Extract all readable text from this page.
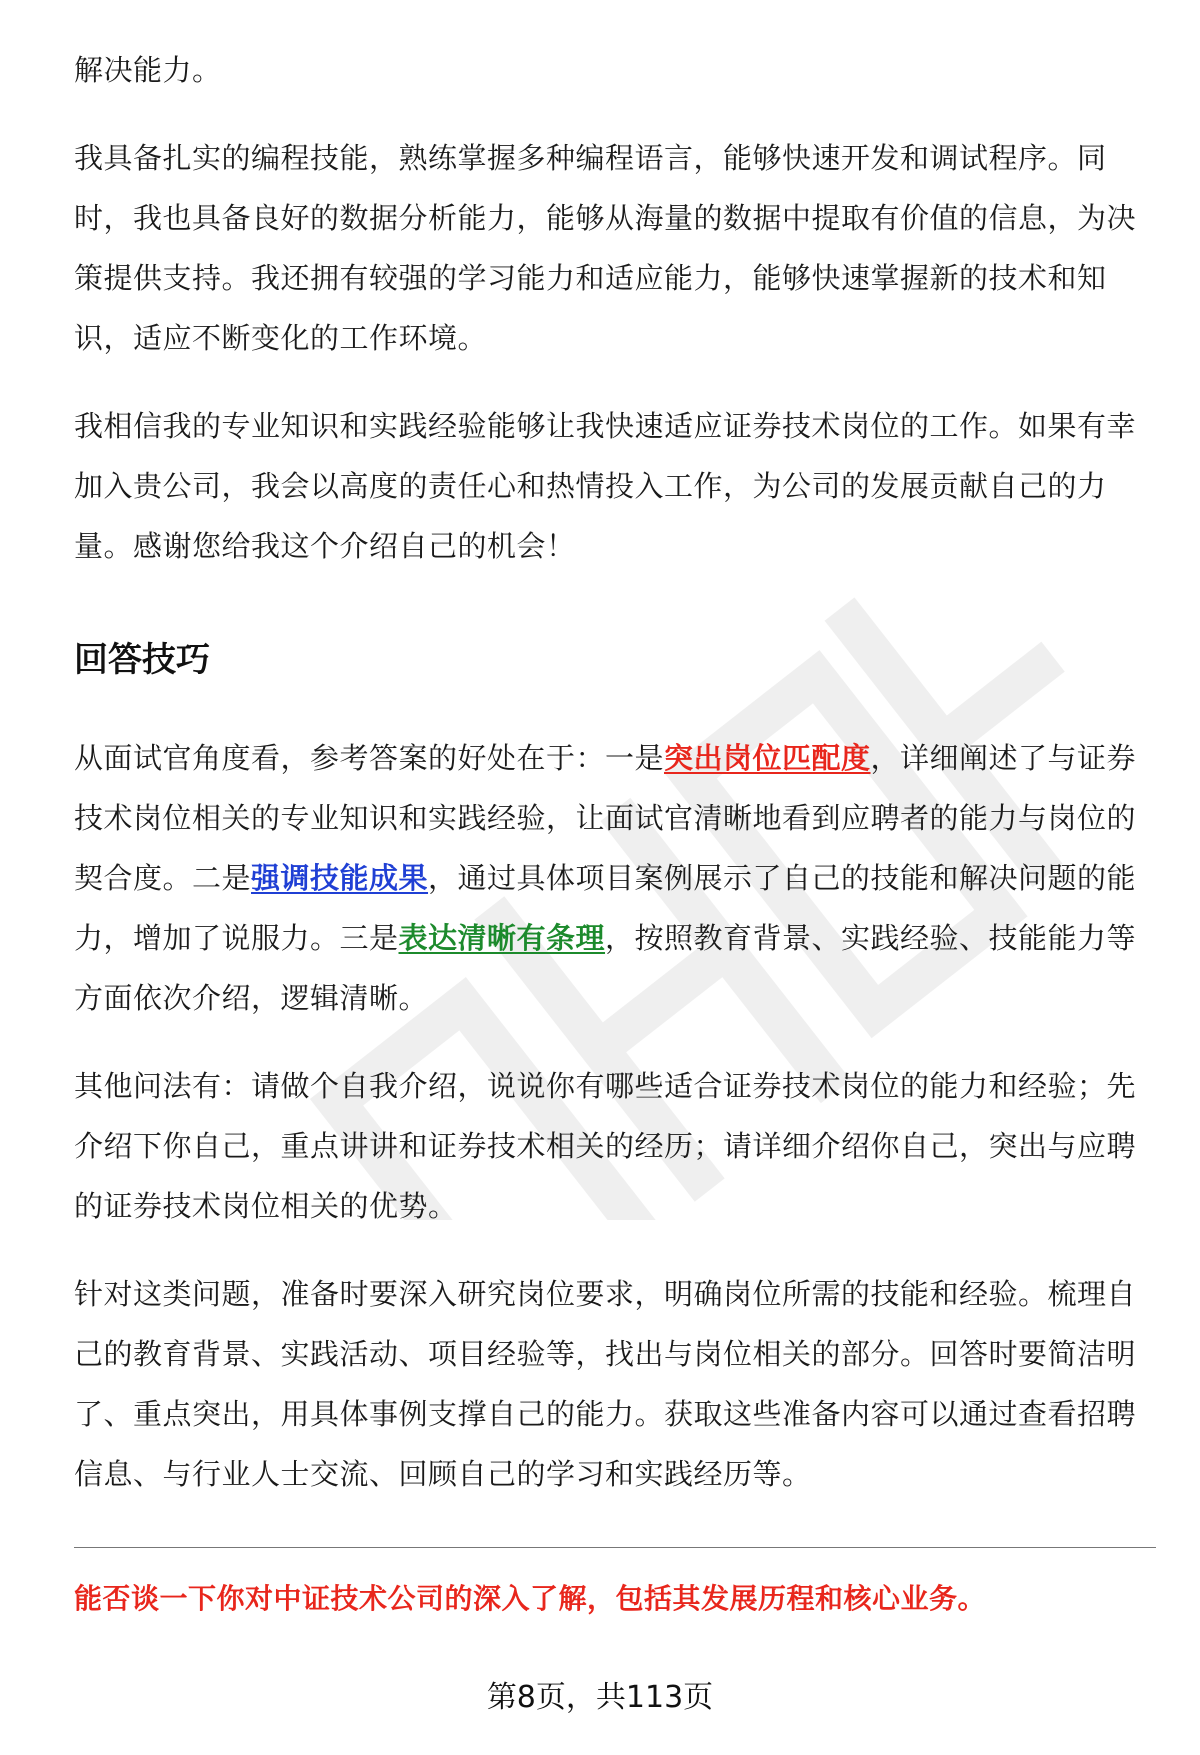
解决能力。

我具备扎实的编程技能，熟练掌握多种编程语言，能够快速开发和调试程序。同时，我也具备良好的数据分析能力，能够从海量的数据中提取有价值的信息，为决策提供支持。我还拥有较强的学习能力和适应能力，能够快速掌握新的技术和知识，适应不断变化的工作环境。

我相信我的专业知识和实践经验能够让我快速适应证券技术岗位的工作。如果有幸加入贵公司，我会以高度的责任心和热情投入工作，为公司的发展贡献自己的力量。感谢您给我这个介绍自己的机会！

回答技巧

从面试官角度看，参考答案的好处在于：一是突出岗位匹配度，详细阐述了与证券技术岗位相关的专业知识和实践经验，让面试官清晰地看到应聘者的能力与岗位的契合度。二是强调技能成果，通过具体项目案例展示了自己的技能和解决问题的能力，增加了说服力。三是表达清晰有条理，按照教育背景、实践经验、技能能力等方面依次介绍，逻辑清晰。

其他问法有：请做个自我介绍，说说你有哪些适合证券技术岗位的能力和经验；先介绍下你自己，重点讲讲和证券技术相关的经历；请详细介绍你自己，突出与应聘的证券技术岗位相关的优势。

针对这类问题，准备时要深入研究岗位要求，明确岗位所需的技能和经验。梳理自己的教育背景、实践活动、项目经验等，找出与岗位相关的部分。回答时要简洁明了、重点突出，用具体事例支撑自己的能力。获取这些准备内容可以通过查看招聘信息、与行业人士交流、回顾自己的学习和实践经历等。

能否谈一下你对中证技术公司的深入了解，包括其发展历程和核心业务。

第8页，共113页
